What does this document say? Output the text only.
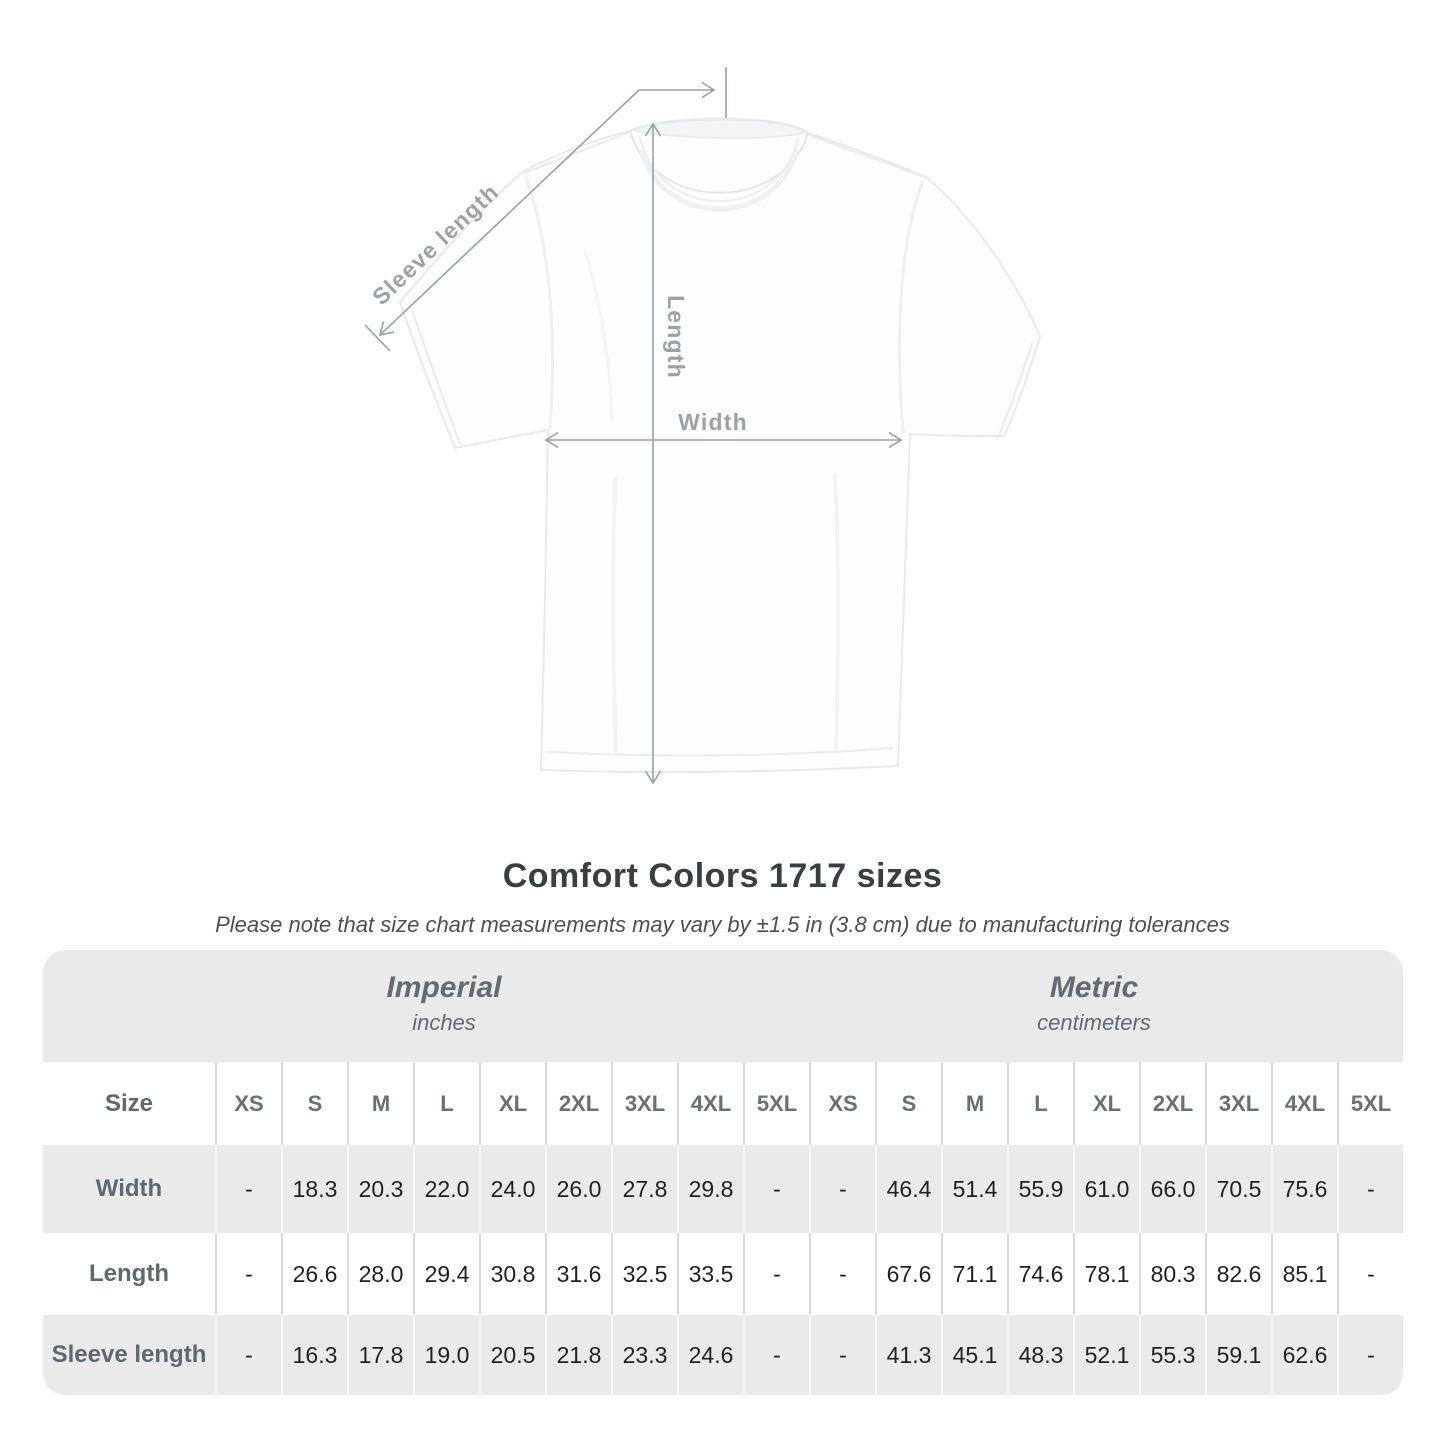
Sleeve length
Length
Width
Comfort Colors 1717 sizes
Please note that size chart measurements may vary by ±1.5 in (3.8 cm) due to manufacturing tolerances
Imperial
inches
Metric
centimeters
Size	XS	S	M	L	XL	2XL	3XL	4XL	5XL	XS	S	M	L	XL	2XL	3XL	4XL	5XL
Width	-	18.3 20.3 22.0 24.0 26.0 27.8 29.8	-	-	46.4 51.4 55.9 61.0 66.0 70.5 75.6	-
Length	-	26.6 28.0 29.4 30.8 31.6 32.5 33.5	-	-	67.6 71.1 74.6 78.1 80.3 82.6 85.1	-
Sleeve length	-	16.3 17.8 19.0 20.5 21.8 23.3 24.6	-	-	41.3 45.1 48.3 52.1 55.3 59.1 62.6	-
